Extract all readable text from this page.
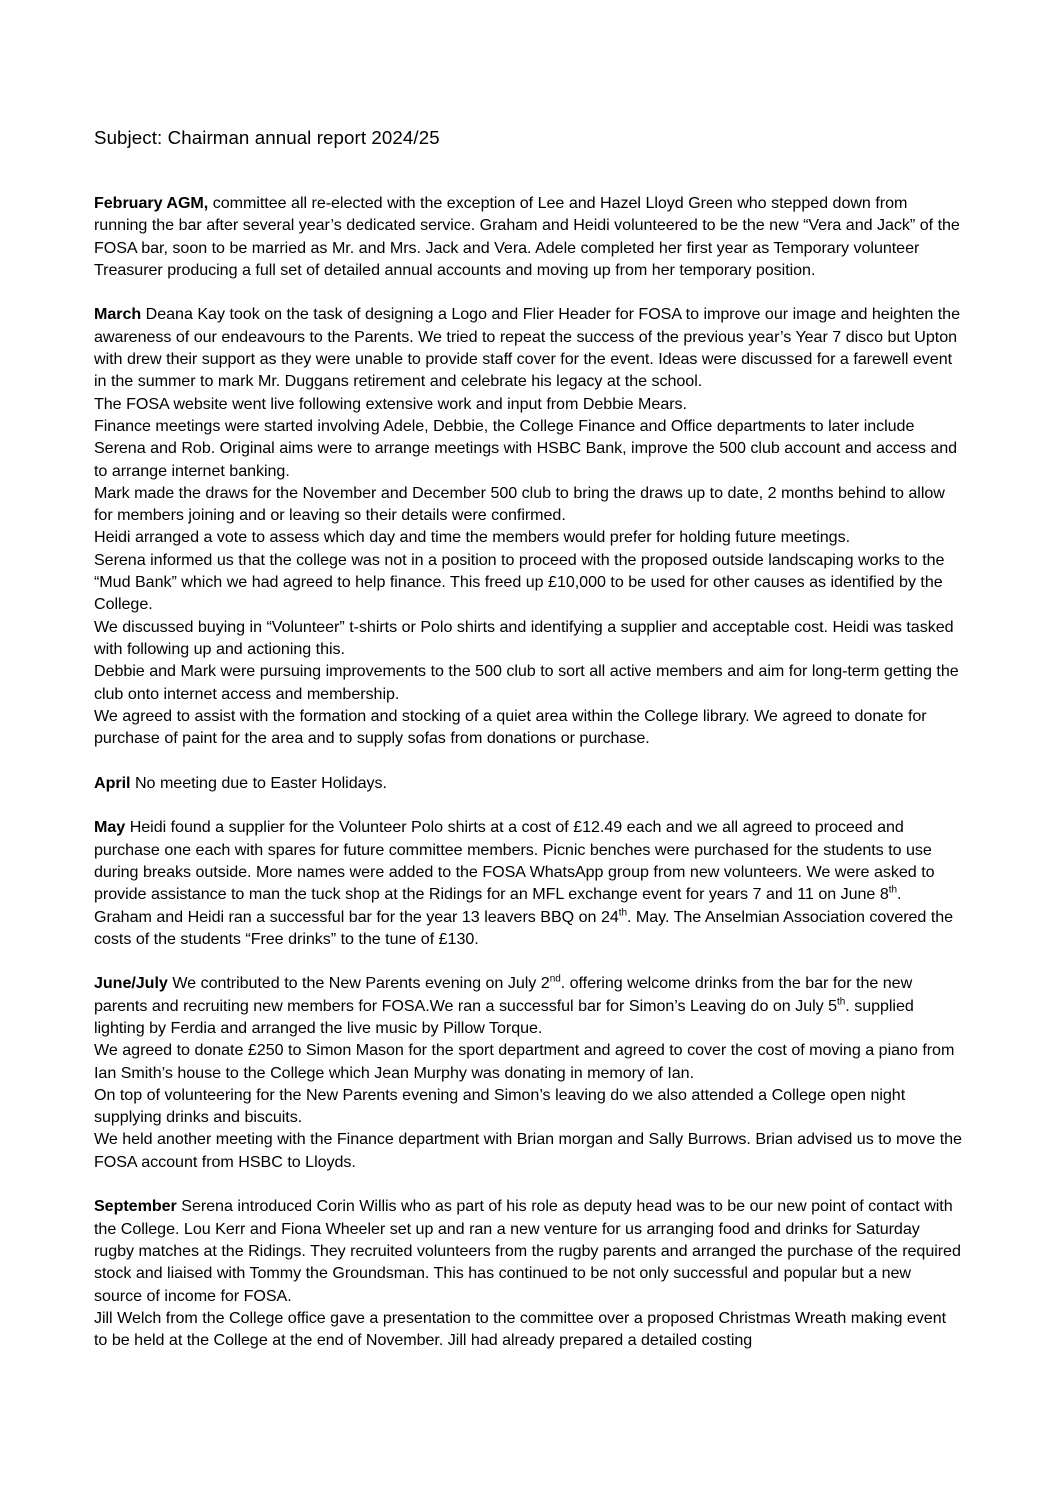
Subject: Chairman annual report 2024/25

February AGM, committee all re-elected with the exception of Lee and Hazel Lloyd Green who stepped down from running the bar after several year’s dedicated service. Graham and Heidi volunteered to be the new “Vera and Jack” of the FOSA bar, soon to be married as Mr. and Mrs. Jack and Vera. Adele completed her first year as Temporary volunteer Treasurer producing a full set of detailed annual accounts and moving up from her temporary position.

March Deana Kay took on the task of designing a Logo and Flier Header for FOSA to improve our image and heighten the awareness of our endeavours to the Parents. We tried to repeat the success of the previous year’s Year 7 disco but Upton with drew their support as they were unable to provide staff cover for the event. Ideas were discussed for a farewell event in the summer to mark Mr. Duggans retirement and celebrate his legacy at the school.
The FOSA website went live following extensive work and input from Debbie Mears.
Finance meetings were started involving Adele, Debbie, the College Finance and Office departments to later include Serena and Rob. Original aims were to arrange meetings with HSBC Bank, improve the 500 club account and access and to arrange internet banking.
Mark made the draws for the November and December 500 club to bring the draws up to date, 2 months behind to allow for members joining and or leaving so their details were confirmed.
Heidi arranged a vote to assess which day and time the members would prefer for holding future meetings.
Serena informed us that the college was not in a position to proceed with the proposed outside landscaping works to the “Mud Bank” which we had agreed to help finance. This freed up £10,000 to be used for other causes as identified by the College.
We discussed buying in “Volunteer” t-shirts or Polo shirts and identifying a supplier and acceptable cost. Heidi was tasked with following up and actioning this.
Debbie and Mark were pursuing improvements to the 500 club to sort all active members and aim for long-term getting the club onto internet access and membership.
We agreed to assist with the formation and stocking of a quiet area within the College library. We agreed to donate for purchase of paint for the area and to supply sofas from donations or purchase.

April No meeting due to Easter Holidays.

May Heidi found a supplier for the Volunteer Polo shirts at a cost of £12.49 each and we all agreed to proceed and purchase one each with spares for future committee members. Picnic benches were purchased for the students to use during breaks outside. More names were added to the FOSA WhatsApp group from new volunteers. We were asked to provide assistance to man the tuck shop at the Ridings for an MFL exchange event for years 7 and 11 on June 8th.
Graham and Heidi ran a successful bar for the year 13 leavers BBQ on 24th. May. The Anselmian Association covered the costs of the students “Free drinks” to the tune of £130.

June/July We contributed to the New Parents evening on July 2nd. offering welcome drinks from the bar for the new parents and recruiting new members for FOSA.We ran a successful bar for Simon’s Leaving do on July 5th. supplied lighting by Ferdia and arranged the live music by Pillow Torque.
We agreed to donate £250 to Simon Mason for the sport department and agreed to cover the cost of moving a piano from Ian Smith’s house to the College which Jean Murphy was donating in memory of Ian.
On top of volunteering for the New Parents evening and Simon’s leaving do we also attended a College open night supplying drinks and biscuits.
We held another meeting with the Finance department with Brian morgan and Sally Burrows. Brian advised us to move the FOSA account from HSBC to Lloyds.

September Serena introduced Corin Willis who as part of his role as deputy head was to be our new point of contact with the College. Lou Kerr and Fiona Wheeler set up and ran a new venture for us arranging food and drinks for Saturday rugby matches at the Ridings. They recruited volunteers from the rugby parents and arranged the purchase of the required stock and liaised with Tommy the Groundsman. This has continued to be not only successful and popular but a new source of income for FOSA.
Jill Welch from the College office gave a presentation to the committee over a proposed Christmas Wreath making event to be held at the College at the end of November. Jill had already prepared a detailed costing
